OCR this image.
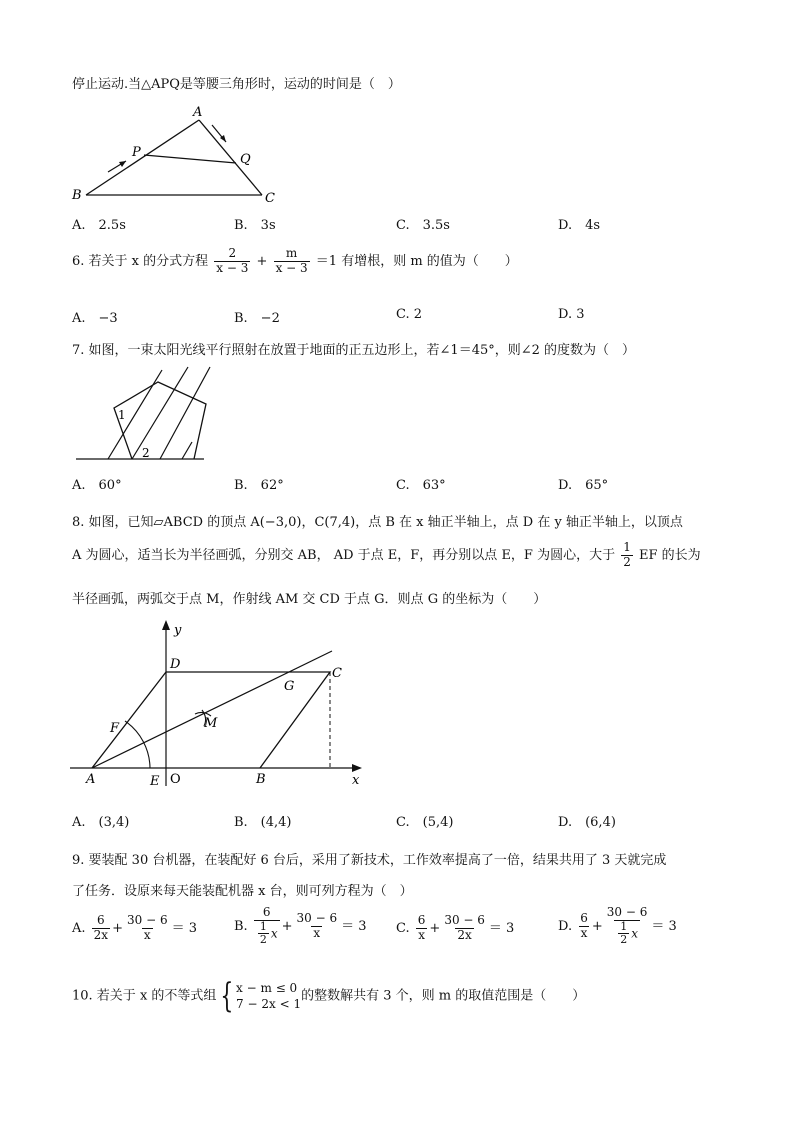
停止运动.当△APQ是等腰三角形时，运动的时间是（　）
A
B	C
P	Q
A.　2.5s	B.　3s	C.　3.5s	D.　4s
6. 若关于 x 的分式方程 $\frac{2}{x - 3} + \frac{m}{x - 3} =1$ 有增根，则 m 的值为（　　）
A.　−3	B.　−2	C. 2	D. 3
7. 如图，一束太阳光线平行照射在放置于地面的正五边形上，若∠1＝45°，则∠2 的度数为（　）
1
2
A.　60°	B.　62°	C.　63°	D.　65°
8. 如图，已知▱ABCD 的顶点 A(−3,0)，C(7,4)，点 B 在 x 轴正半轴上，点 D 在 y 轴正半轴上，以顶点
A 为圆心，适当长为半径画弧，分别交 AB， AD 于点 E，F，再分别以点 E，F 为圆心，大于 $\frac{1}{2}$ EF 的长为
半径画弧，两弧交于点 M，作射线 AM 交 CD 于点 G．则点 G 的坐标为（　　）
y
x
D
G
C
F	M
A	E O	B
A.　(3,4)	B.　(4,4)	C.　(5,4)	D.　(6,4)
9. 要装配 30 台机器，在装配好 6 台后，采用了新技术，工作效率提高了一倍，结果共用了 3 天就完成
了任务．设原来每天能装配机器 x 台，则可列方程为（　）
A. $\frac{6}{2x} + \frac{30 - 6}{x} = 3$	B. $\frac{6}{\frac{1}{2} x} + \frac{30 - 6}{x} = 3$ C. $\frac{6}{x} + \frac{30 - 6}{2x} = 3$	D. $\frac{6}{x} + \frac{30 - 6}{\frac{1}{2} x} = 3$
10. 若关于 x 的不等式组 { x − m ≤ 0
7 − 2x < 1
的整数解共有 3 个，则 m 的取值范围是（　　）
